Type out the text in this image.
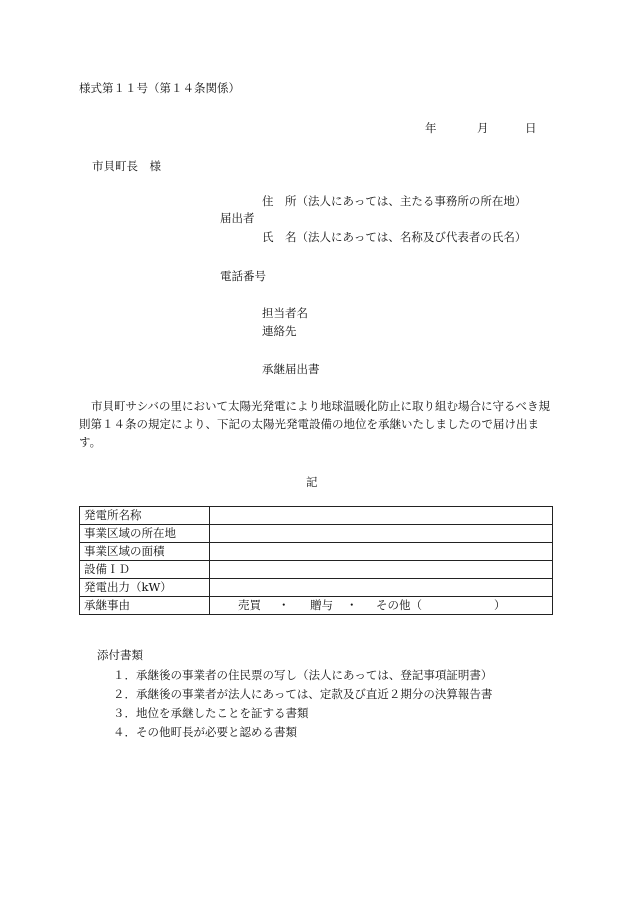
様式第１１号（第１４条関係）
年	月	日
市貝町長　様
住　所（法人にあっては、主たる事務所の所在地）
届出者
氏　名（法人にあっては、名称及び代表者の氏名）
電話番号
担当者名
連絡先
承継届出書
市貝町サシバの里において太陽光発電により地球温暖化防止に取り組む場合に守るべき規則第１４条の規定により、下記の太陽光発電設備の地位を承継いたしましたので届け出ます。
記
発電所名称	
事業区域の所在地	
事業区域の面積	
設備ＩＤ	
発電出力（kW）	
承継事由	売買 ・ 贈与 ・ その他（ ）
添付書類
１．承継後の事業者の住民票の写し（法人にあっては、登記事項証明書）
２．承継後の事業者が法人にあっては、定款及び直近２期分の決算報告書
３．地位を承継したことを証する書類
４．その他町長が必要と認める書類
